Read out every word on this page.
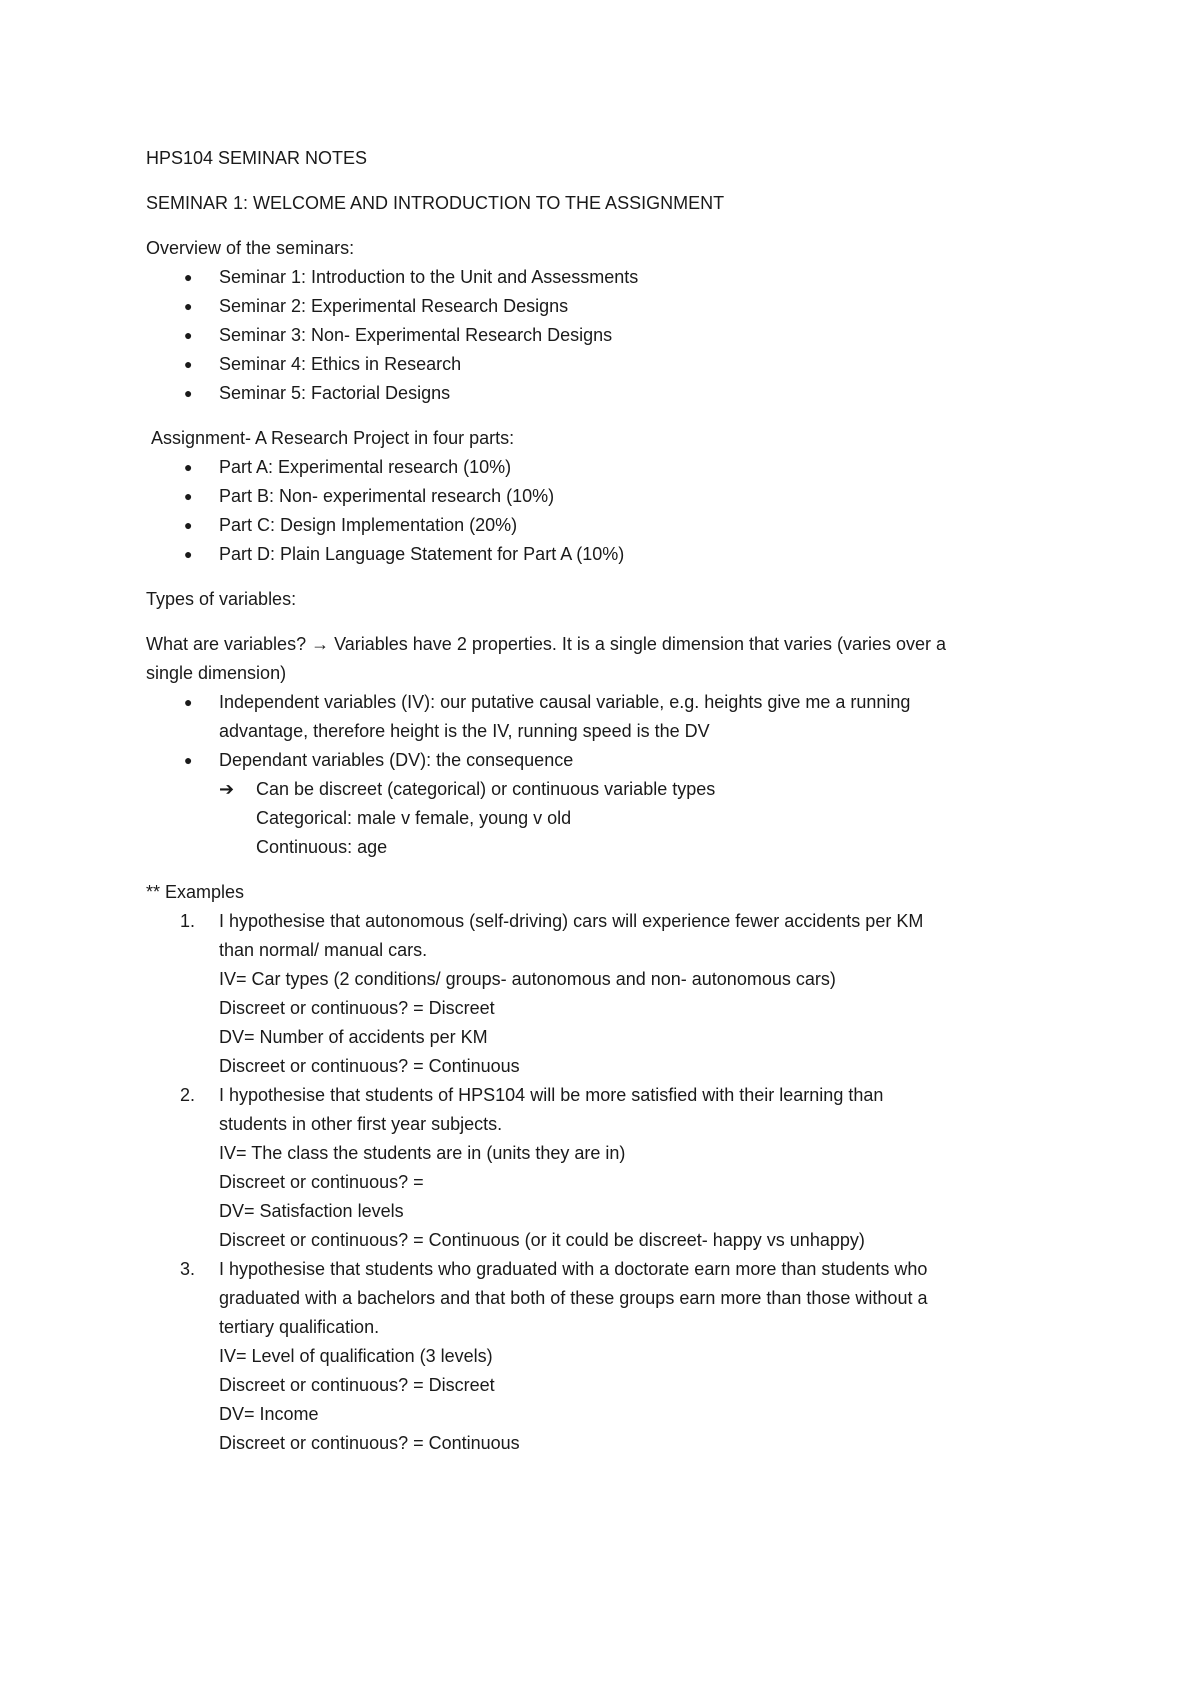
HPS104 SEMINAR NOTES
SEMINAR 1: WELCOME AND INTRODUCTION TO THE ASSIGNMENT
Overview of the seminars:
● Seminar 1: Introduction to the Unit and Assessments
● Seminar 2: Experimental Research Designs
● Seminar 3: Non- Experimental Research Designs
● Seminar 4: Ethics in Research
● Seminar 5: Factorial Designs
Assignment- A Research Project in four parts:
● Part A: Experimental research (10%)
● Part B: Non- experimental research (10%)
● Part C: Design Implementation (20%)
● Part D: Plain Language Statement for Part A (10%)
Types of variables:
What are variables? → Variables have 2 properties. It is a single dimension that varies (varies over a
single dimension)
● Independent variables (IV): our putative causal variable, e.g. heights give me a running
advantage, therefore height is the IV, running speed is the DV
● Dependant variables (DV): the consequence
➔ Can be discreet (categorical) or continuous variable types
Categorical: male v female, young v old
Continuous: age
** Examples
1. I hypothesise that autonomous (self-driving) cars will experience fewer accidents per KM
than normal/ manual cars.
IV= Car types (2 conditions/ groups- autonomous and non- autonomous cars)
Discreet or continuous? = Discreet
DV= Number of accidents per KM
Discreet or continuous? = Continuous
2. I hypothesise that students of HPS104 will be more satisfied with their learning than
students in other first year subjects.
IV= The class the students are in (units they are in)
Discreet or continuous? =
DV= Satisfaction levels
Discreet or continuous? = Continuous (or it could be discreet- happy vs unhappy)
3. I hypothesise that students who graduated with a doctorate earn more than students who
graduated with a bachelors and that both of these groups earn more than those without a
tertiary qualification.
IV= Level of qualification (3 levels)
Discreet or continuous? = Discreet
DV= Income
Discreet or continuous? = Continuous
